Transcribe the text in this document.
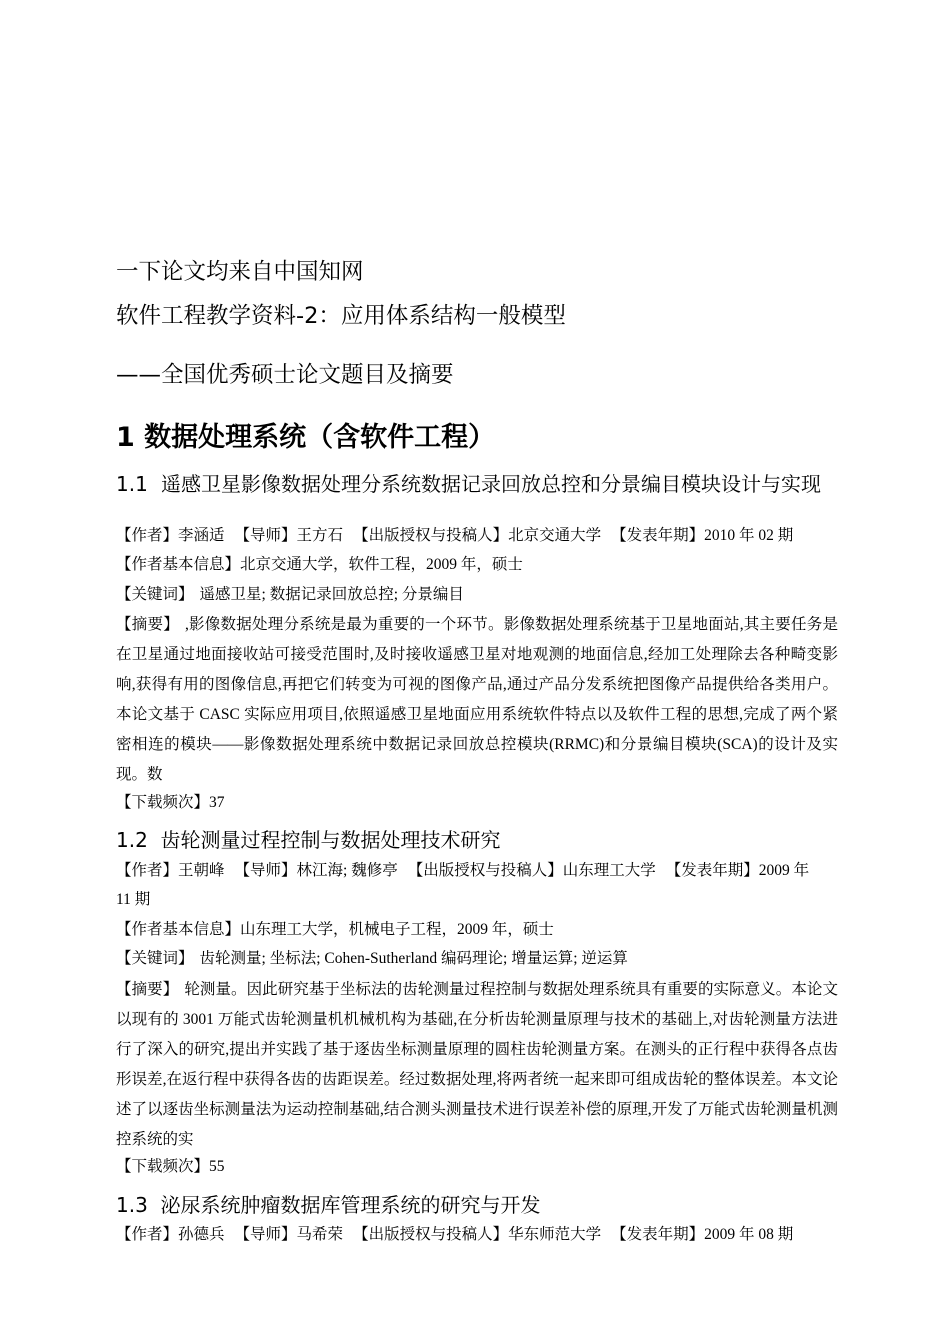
一下论文均来自中国知网
软件工程教学资料-2：应用体系结构一般模型
——全国优秀硕士论文题目及摘要
1 数据处理系统（含软件工程）
1.1 遥感卫星影像数据处理分系统数据记录回放总控和分景编目模块设计与实现
【作者】李涵适 【导师】王方石 【出版授权与投稿人】北京交通大学 【发表年期】2010 年 02 期
【作者基本信息】北京交通大学，软件工程，2009 年，硕士
【关键词】 遥感卫星; 数据记录回放总控; 分景编目
【摘要】 ,影像数据处理分系统是最为重要的一个环节。影像数据处理系统基于卫星地面站,其主要任务是在卫星通过地面接收站可接受范围时,及时接收遥感卫星对地观测的地面信息,经加工处理除去各种畸变影响,获得有用的图像信息,再把它们转变为可视的图像产品,通过产品分发系统把图像产品提供给各类用户。本论文基于 CASC 实际应用项目,依照遥感卫星地面应用系统软件特点以及软件工程的思想,完成了两个紧密相连的模块——影像数据处理系统中数据记录回放总控模块(RRMC)和分景编目模块(SCA)的设计及实现。数
【下载频次】37
1.2 齿轮测量过程控制与数据处理技术研究
【作者】王朝峰 【导师】林江海; 魏修亭 【出版授权与投稿人】山东理工大学 【发表年期】2009 年
11 期
【作者基本信息】山东理工大学，机械电子工程，2009 年，硕士
【关键词】 齿轮测量; 坐标法; Cohen-Sutherland 编码理论; 增量运算; 逆运算
【摘要】 轮测量。因此研究基于坐标法的齿轮测量过程控制与数据处理系统具有重要的实际意义。本论文以现有的 3001 万能式齿轮测量机机械机构为基础,在分析齿轮测量原理与技术的基础上,对齿轮测量方法进行了深入的研究,提出并实践了基于逐齿坐标测量原理的圆柱齿轮测量方案。在测头的正行程中获得各点齿形误差,在返行程中获得各齿的齿距误差。经过数据处理,将两者统一起来即可组成齿轮的整体误差。本文论述了以逐齿坐标测量法为运动控制基础,结合测头测量技术进行误差补偿的原理,开发了万能式齿轮测量机测控系统的实
【下载频次】55
1.3 泌尿系统肿瘤数据库管理系统的研究与开发
【作者】孙德兵 【导师】马希荣 【出版授权与投稿人】华东师范大学 【发表年期】2009 年 08 期
